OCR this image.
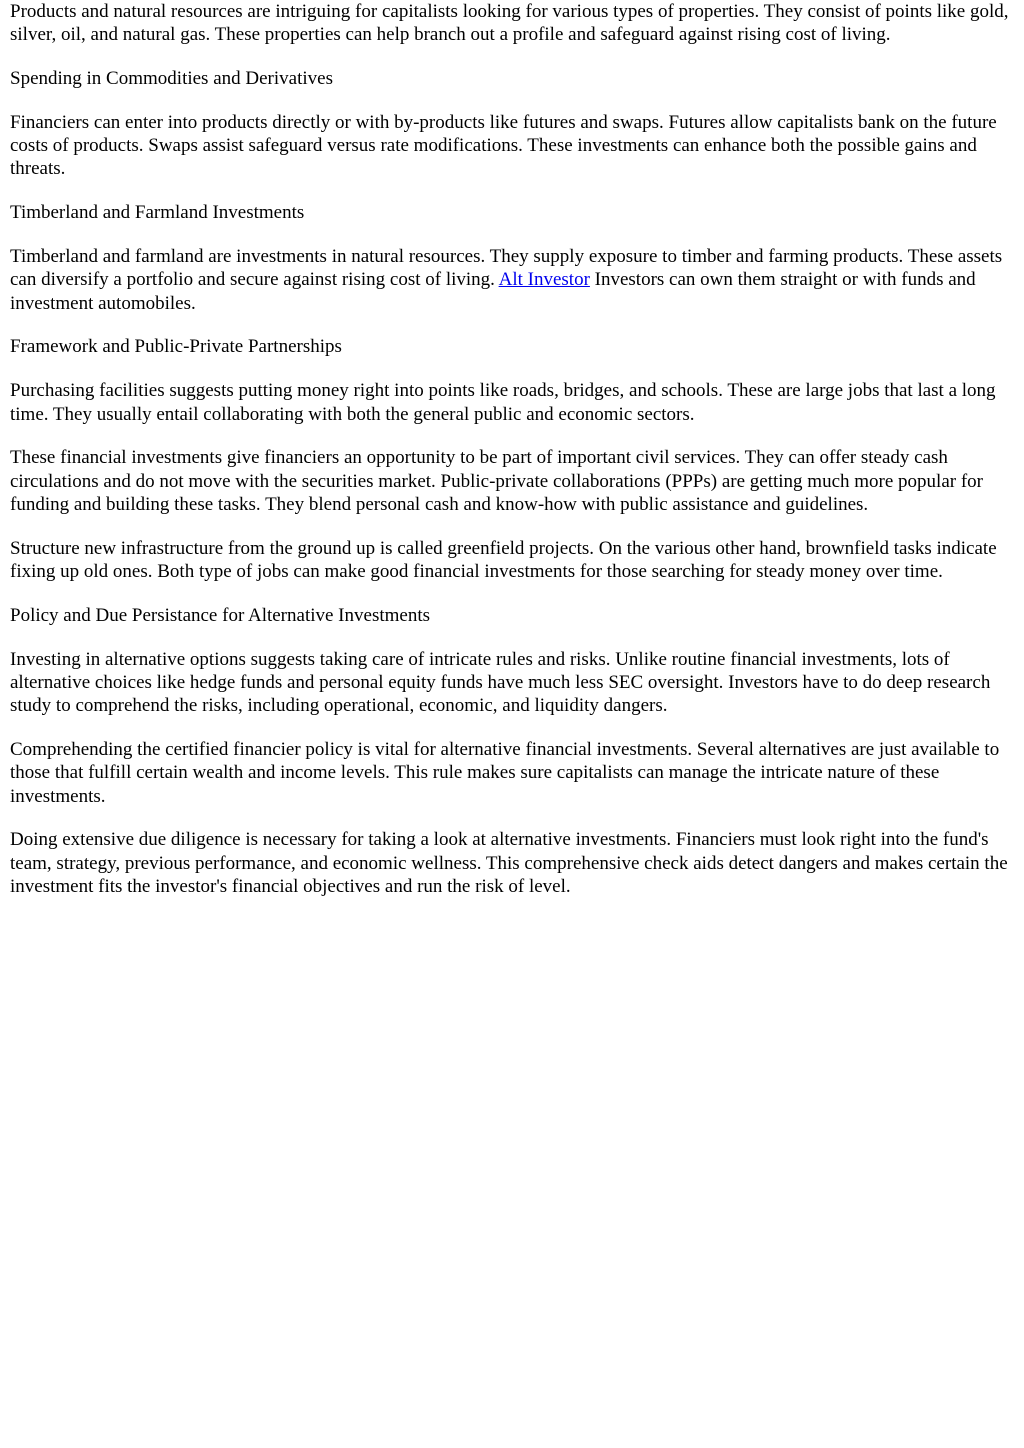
Products and natural resources are intriguing for capitalists looking for various types of properties. They consist of points like gold, silver, oil, and natural gas. These properties can help branch out a profile and safeguard against rising cost of living.

Spending in Commodities and Derivatives

Financiers can enter into products directly or with by-products like futures and swaps. Futures allow capitalists bank on the future costs of products. Swaps assist safeguard versus rate modifications. These investments can enhance both the possible gains and threats.

Timberland and Farmland Investments

Timberland and farmland are investments in natural resources. They supply exposure to timber and farming products. These assets can diversify a portfolio and secure against rising cost of living. Alt Investor Investors can own them straight or with funds and investment automobiles.

Framework and Public-Private Partnerships

Purchasing facilities suggests putting money right into points like roads, bridges, and schools. These are large jobs that last a long time. They usually entail collaborating with both the general public and economic sectors.

These financial investments give financiers an opportunity to be part of important civil services. They can offer steady cash circulations and do not move with the securities market. Public-private collaborations (PPPs) are getting much more popular for funding and building these tasks. They blend personal cash and know-how with public assistance and guidelines.

Structure new infrastructure from the ground up is called greenfield projects. On the various other hand, brownfield tasks indicate fixing up old ones. Both type of jobs can make good financial investments for those searching for steady money over time.

Policy and Due Persistance for Alternative Investments

Investing in alternative options suggests taking care of intricate rules and risks. Unlike routine financial investments, lots of alternative choices like hedge funds and personal equity funds have much less SEC oversight. Investors have to do deep research study to comprehend the risks, including operational, economic, and liquidity dangers.

Comprehending the certified financier policy is vital for alternative financial investments. Several alternatives are just available to those that fulfill certain wealth and income levels. This rule makes sure capitalists can manage the intricate nature of these investments.

Doing extensive due diligence is necessary for taking a look at alternative investments. Financiers must look right into the fund's team, strategy, previous performance, and economic wellness. This comprehensive check aids detect dangers and makes certain the investment fits the investor's financial objectives and run the risk of level.
